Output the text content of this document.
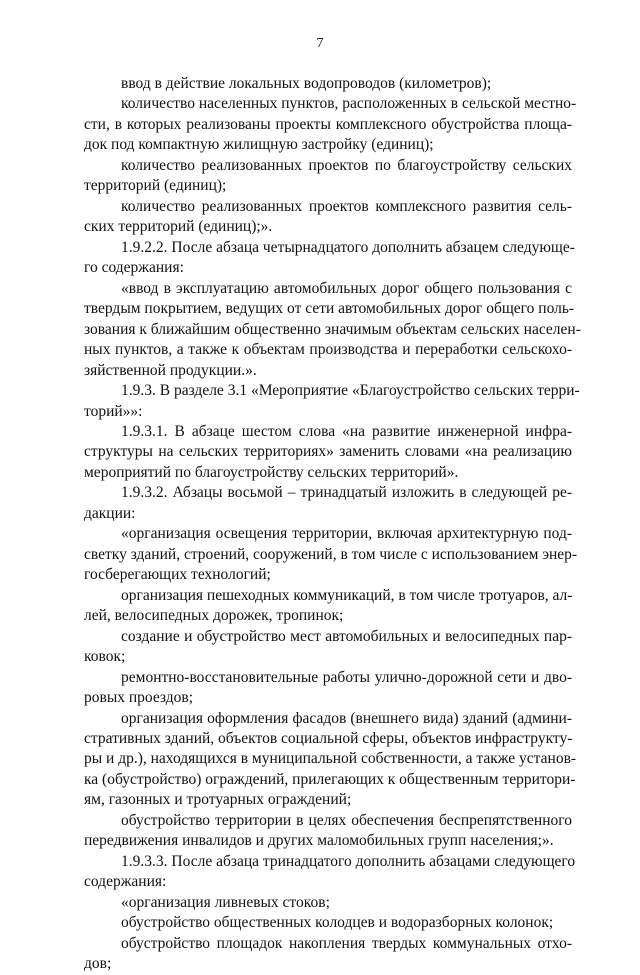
7
ввод в действие локальных водопроводов (километров);
количество населенных пунктов, расположенных в сельской местно-
сти, в которых реализованы проекты комплексного обустройства площа-
док под компактную жилищную застройку (единиц);
количество реализованных проектов по благоустройству сельских
территорий (единиц);
количество реализованных проектов комплексного развития сель-
ских территорий (единиц);».
1.9.2.2. После абзаца четырнадцатого дополнить абзацем следующе-
го содержания:
«ввод в эксплуатацию автомобильных дорог общего пользования с
твердым покрытием, ведущих от сети автомобильных дорог общего поль-
зования к ближайшим общественно значимым объектам сельских населен-
ных пунктов, а также к объектам производства и переработки сельскохо-
зяйственной продукции.».
1.9.3. В разделе 3.1 «Мероприятие «Благоустройство сельских терри-
торий»»:
1.9.3.1. В абзаце шестом слова «на развитие инженерной инфра-
структуры на сельских территориях» заменить словами «на реализацию
мероприятий по благоустройству сельских территорий».
1.9.3.2. Абзацы восьмой – тринадцатый изложить в следующей ре-
дакции:
«организация освещения территории, включая архитектурную под-
светку зданий, строений, сооружений, в том числе с использованием энер-
госберегающих технологий;
организация пешеходных коммуникаций, в том числе тротуаров, ал-
лей, велосипедных дорожек, тропинок;
создание и обустройство мест автомобильных и велосипедных пар-
ковок;
ремонтно-восстановительные работы улично-дорожной сети и дво-
ровых проездов;
организация оформления фасадов (внешнего вида) зданий (админи-
стративных зданий, объектов социальной сферы, объектов инфраструкту-
ры и др.), находящихся в муниципальной собственности, а также установ-
ка (обустройство) ограждений, прилегающих к общественным территори-
ям, газонных и тротуарных ограждений;
обустройство территории в целях обеспечения беспрепятственного
передвижения инвалидов и других маломобильных групп населения;».
1.9.3.3. После абзаца тринадцатого дополнить абзацами следующего
содержания:
«организация ливневых стоков;
обустройство общественных колодцев и водоразборных колонок;
обустройство площадок накопления твердых коммунальных отхо-
дов;
